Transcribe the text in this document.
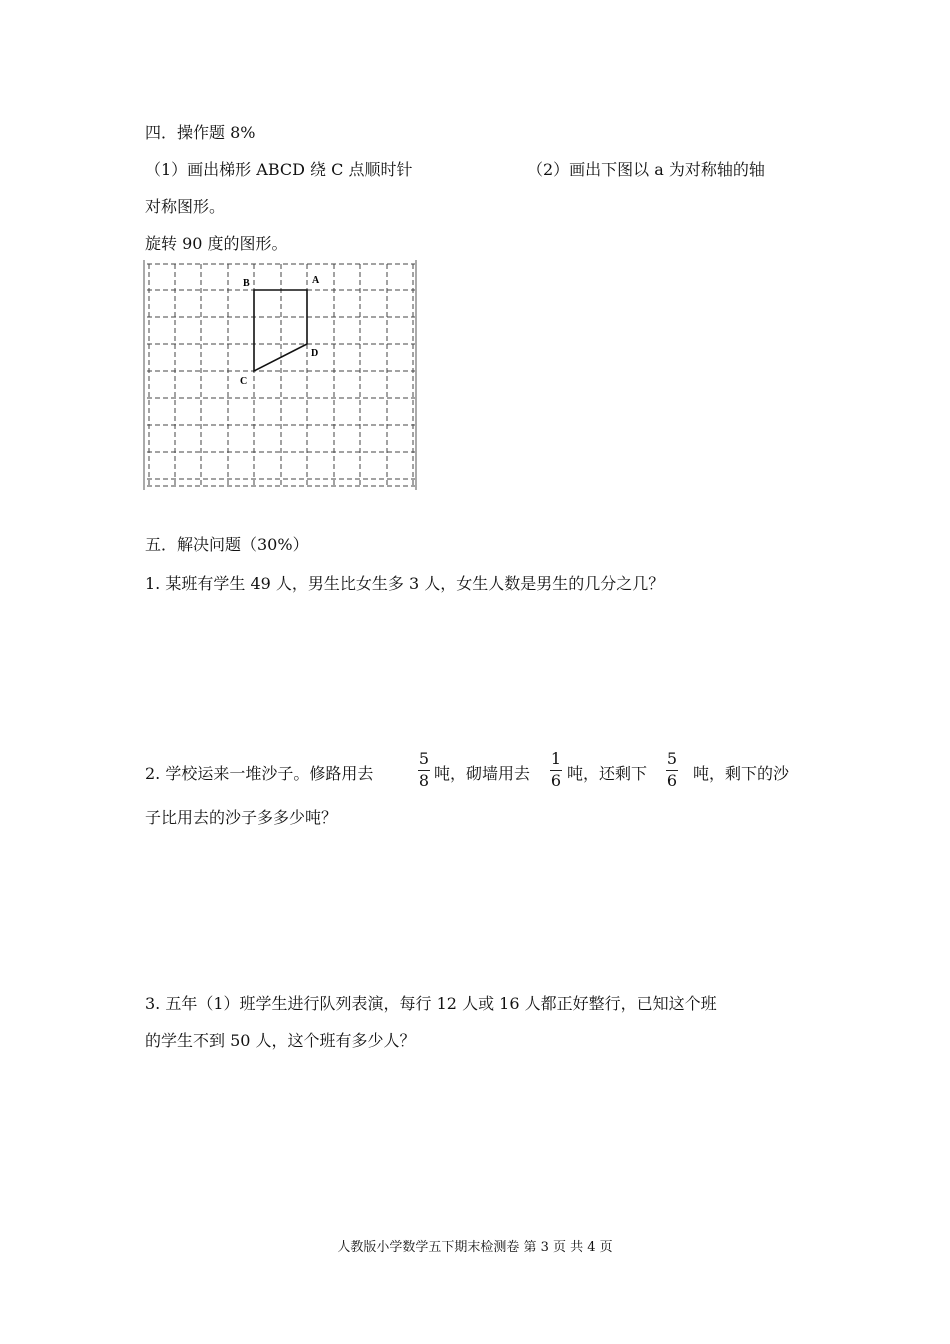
四．操作题 8%
（1）画出梯形 ABCD 绕 C 点顺时针	（2）画出下图以 a 为对称轴的轴
对称图形。
旋转 90 度的图形。
B	A
D
C
五．解决问题（30%）
1. 某班有学生 49 人，男生比女生多 3 人，女生人数是男生的几分之几？
2. 学校运来一堆沙子。修路用去
5
8 吨，砌墙用去
1
6 吨，还剩下
5
6 吨，剩下的沙
子比用去的沙子多多少吨？
3. 五年（1）班学生进行队列表演，每行 12 人或 16 人都正好整行，已知这个班
的学生不到 50 人，这个班有多少人？
人教版小学数学五下期末检测卷 第 3 页 共 4 页
